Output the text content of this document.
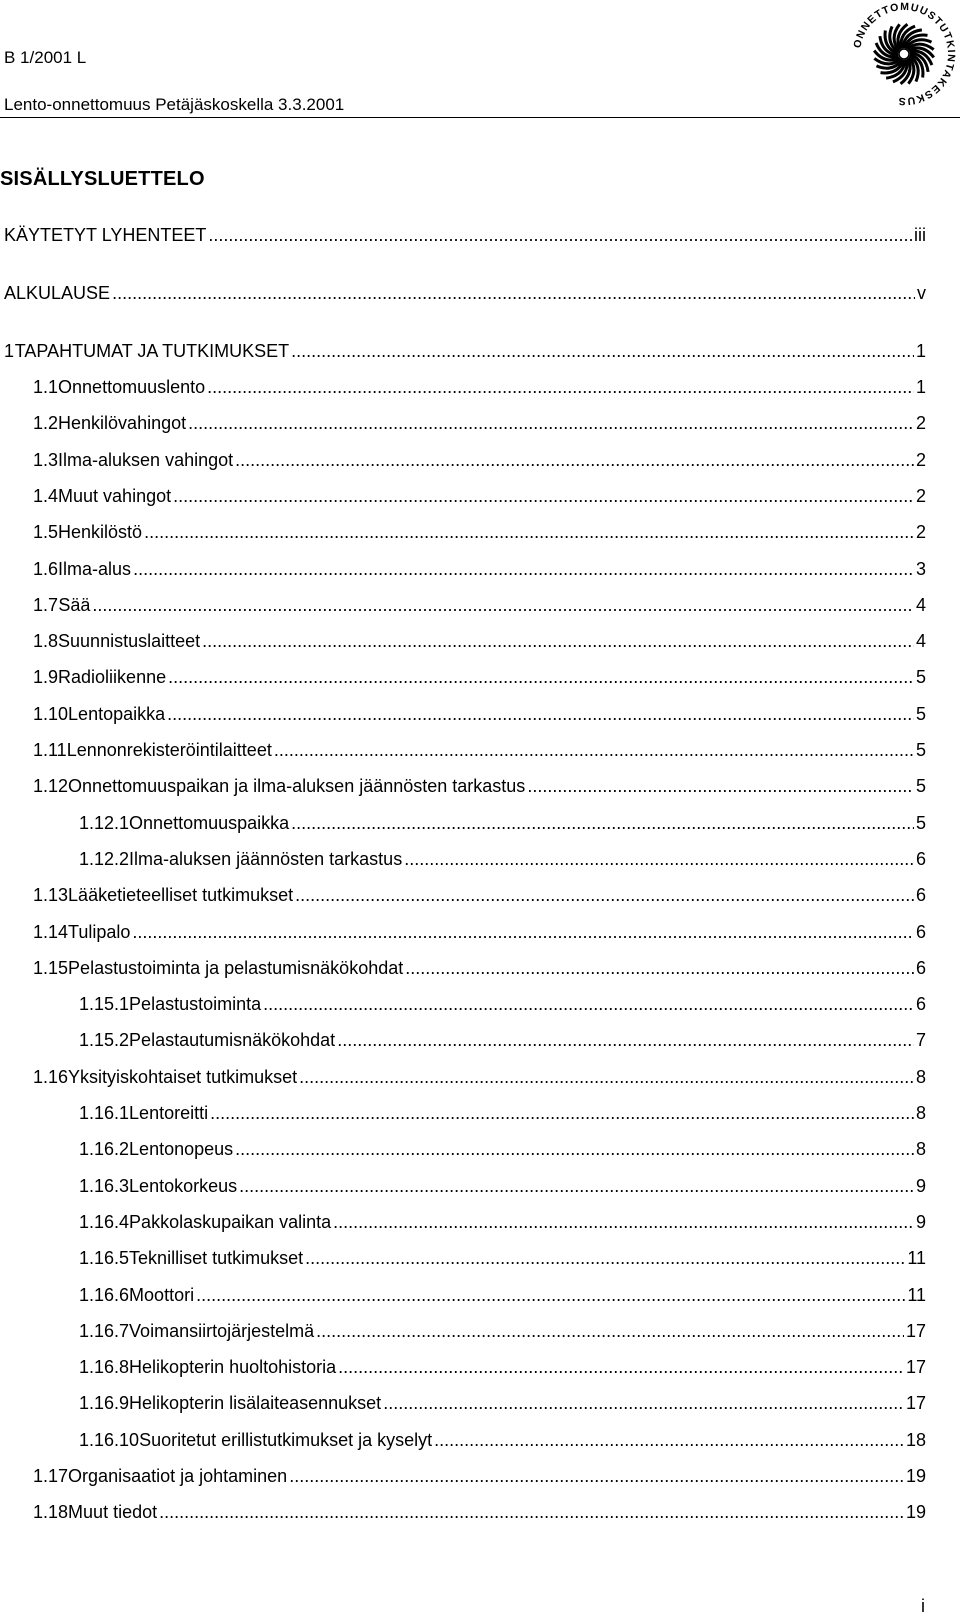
B 1/2001 L
Lento-onnettomuus Petäjäskoskella 3.3.2001
ONNETTOMUUSTUTKINTAKESKUS
SISÄLLYSLUETTELO
KÄYTETYT LYHENTEET .....	iii
ALKULAUSE .....	v
1 TAPAHTUMAT JA TUTKIMUKSET .....	1
1.1 Onnettomuuslento .....	1
1.2 Henkilövahingot .....	2
1.3 Ilma-aluksen vahingot .....	2
1.4 Muut vahingot .....	2
1.5 Henkilöstö .....	2
1.6 Ilma-alus .....	3
1.7 Sää .....	4
1.8 Suunnistuslaitteet .....	4
1.9 Radioliikenne .....	5
1.10 Lentopaikka .....	5
1.11 Lennonrekisteröintilaitteet .....	5
1.12 Onnettomuuspaikan ja ilma-aluksen jäännösten tarkastus .....	5
1.12.1 Onnettomuuspaikka .....	5
1.12.2 Ilma-aluksen jäännösten tarkastus .....	6
1.13 Lääketieteelliset tutkimukset .....	6
1.14 Tulipalo .....	6
1.15 Pelastustoiminta ja pelastumisnäkökohdat .....	6
1.15.1 Pelastustoiminta .....	6
1.15.2 Pelastautumisnäkökohdat .....	7
1.16 Yksityiskohtaiset tutkimukset .....	8
1.16.1 Lentoreitti .....	8
1.16.2 Lentonopeus .....	8
1.16.3 Lentokorkeus .....	9
1.16.4 Pakkolaskupaikan valinta .....	9
1.16.5 Teknilliset tutkimukset .....	11
1.16.6 Moottori .....	11
1.16.7 Voimansiirtojärjestelmä .....	17
1.16.8 Helikopterin huoltohistoria .....	17
1.16.9 Helikopterin lisälaiteasennukset .....	17
1.16.10 Suoritetut erillistutkimukset ja kyselyt .....	18
1.17 Organisaatiot ja johtaminen .....	19
1.18 Muut tiedot .....	19
i
